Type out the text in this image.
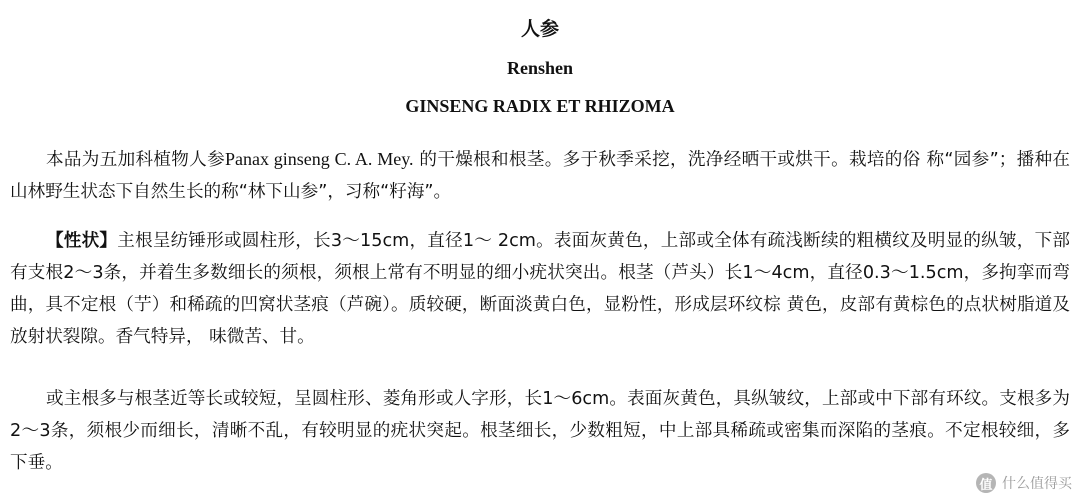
人参
Renshen
GINSENG RADIX ET RHIZOMA

本品为五加科植物人参Panax ginseng C. A. Mey. 的干燥根和根茎。多于秋季采挖，洗净经晒干或烘干。栽培的俗 称“园参”；播种在山林野生状态下自然生长的称“林下山参”，习称“籽海”。

【性状】主根呈纺锤形或圆柱形，长3～15cm，直径1～ 2cm。表面灰黄色，上部或全体有疏浅断续的粗横纹及明显的纵皱，下部有支根2～3条，并着生多数细长的须根，须根上常有不明显的细小疣状突出。根茎（芦头）长1～4cm，直径0.3～1.5cm，多拘挛而弯曲，具不定根（艼）和稀疏的凹窝状茎痕（芦碗）。质较硬，断面淡黄白色，显粉性，形成层环纹棕 黄色，皮部有黄棕色的点状树脂道及放射状裂隙。香气特异， 味微苦、甘。

或主根多与根茎近等长或较短，呈圆柱形、菱角形或人字形，长1～6cm。表面灰黄色，具纵皱纹，上部或中下部有环纹。支根多为2～3条，须根少而细长，清晰不乱，有较明显的疣状突起。根茎细长，少数粗短，中上部具稀疏或密集而深陷的茎痕。不定根较细，多下垂。

值 什么值得买
